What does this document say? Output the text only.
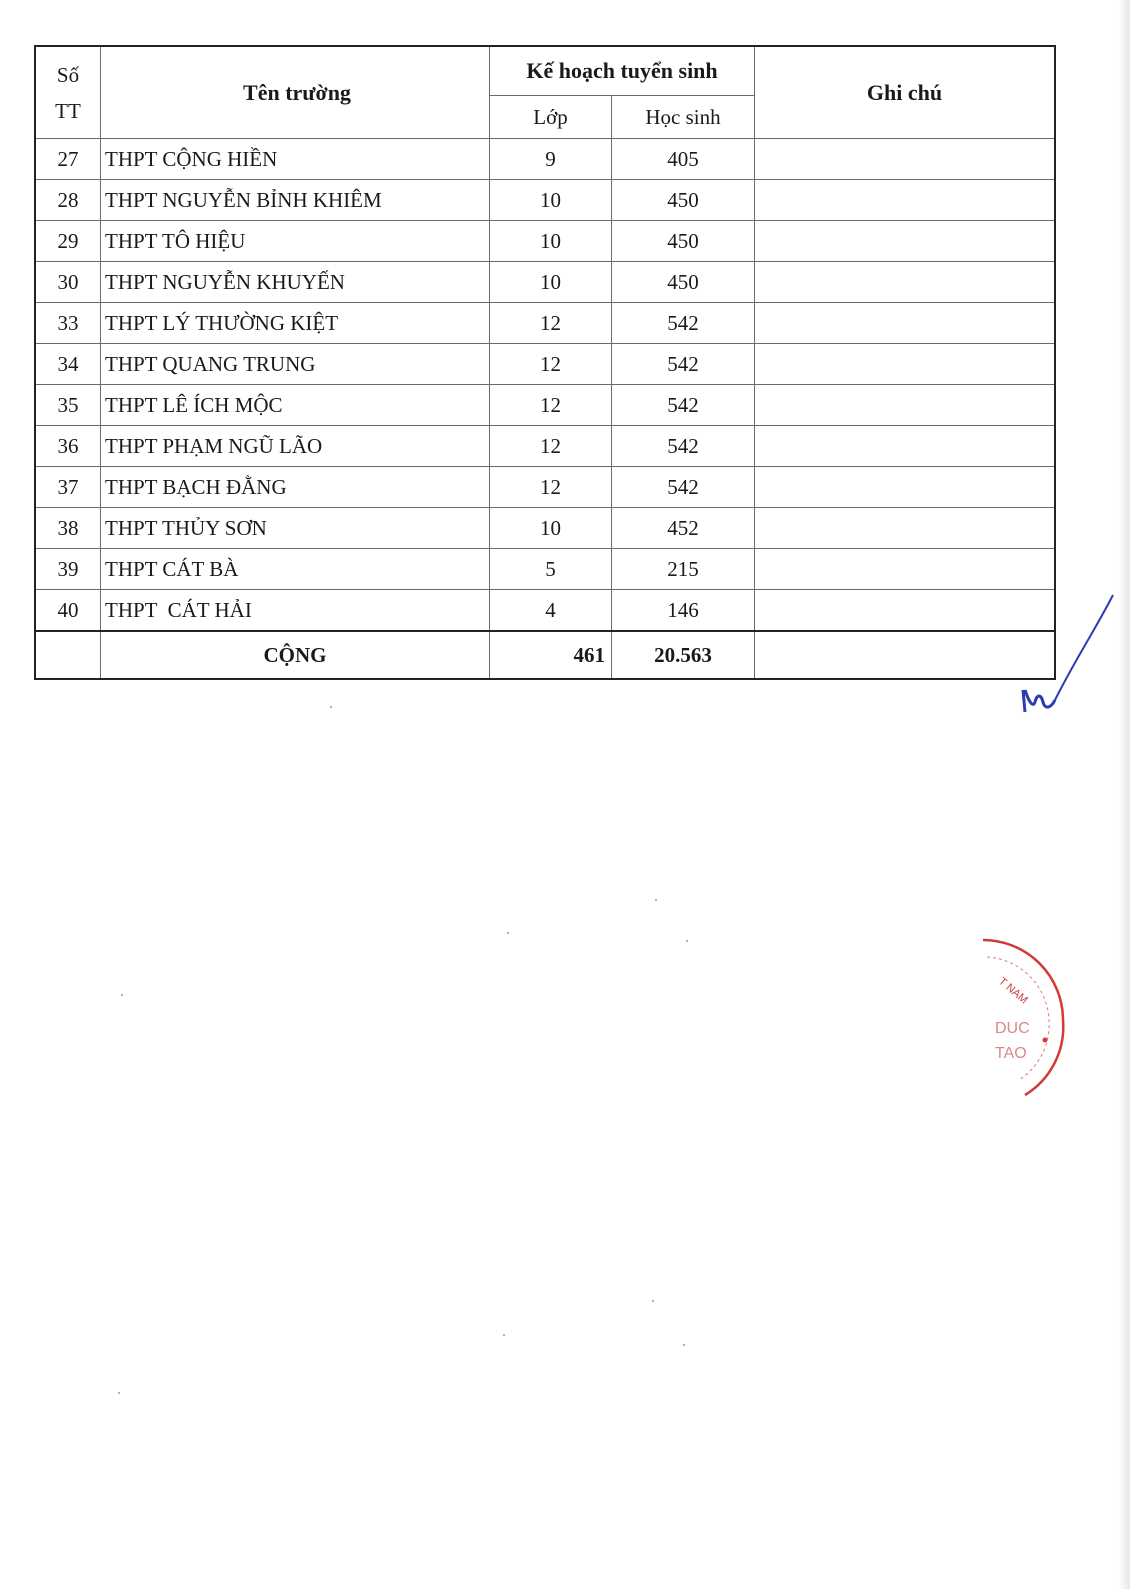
Số
TT	Tên trường	Kế hoạch tuyển sinh		Ghi chú
		Lớp	Học sinh	
27	THPT CỘNG HIỀN	9	405	
28	THPT NGUYỄN BỈNH KHIÊM	10	450	
29	THPT TÔ HIỆU	10	450	
30	THPT NGUYỄN KHUYẾN	10	450	
33	THPT LÝ THƯỜNG KIỆT	12	542	
34	THPT QUANG TRUNG	12	542	
35	THPT LÊ ÍCH MỘC	12	542	
36	THPT PHẠM NGŨ LÃO	12	542	
37	THPT BẠCH ĐẰNG	12	542	
38	THPT THỦY SƠN	10	452	
39	THPT CÁT BÀ	5	215	
40	THPT  CÁT HẢI	4	146	
	CỘNG	461	20.563	
T NAM
DUC
TAO
